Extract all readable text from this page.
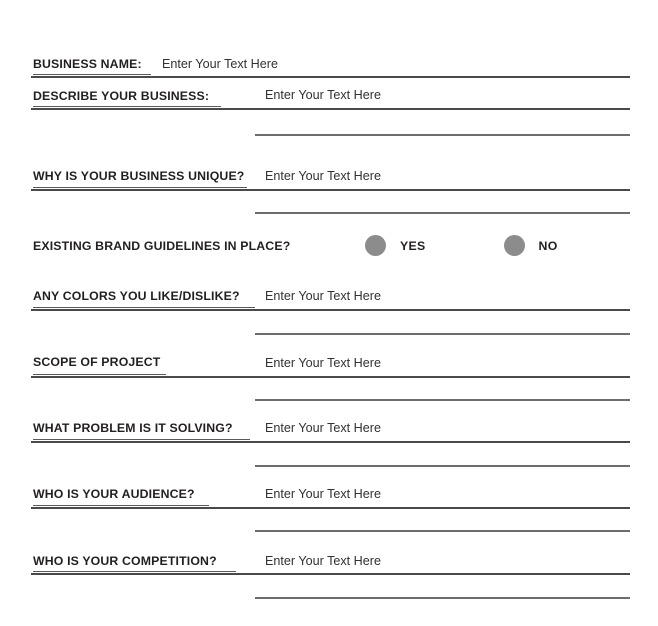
BUSINESS NAME: Enter Your Text Here
DESCRIBE YOUR BUSINESS:	Enter Your Text Here
WHY IS YOUR BUSINESS UNIQUE? Enter Your Text Here
EXISTING BRAND GUIDELINES IN PLACE?	YES	NO
ANY COLORS YOU LIKE/DISLIKE? Enter Your Text Here
SCOPE OF PROJECT	Enter Your Text Here
WHAT PROBLEM IS IT SOLVING?	Enter Your Text Here
WHO IS YOUR AUDIENCE?	Enter Your Text Here
WHO IS YOUR COMPETITION?	Enter Your Text Here
